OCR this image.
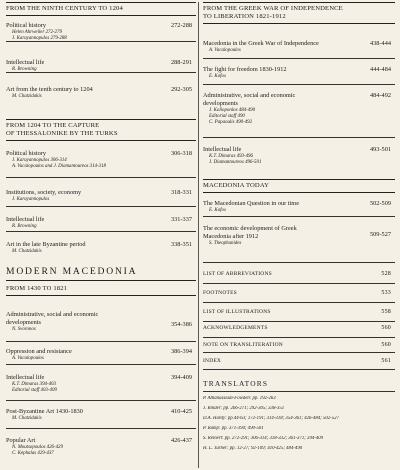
FROM THE NINTH CENTURY TO 1204
Political history	272-288
Helen Ahrweiler 272-279
J. Karayannopulos 279-288
Intellectual life	288-291
R. Browning
Art from the tenth century to 1204	292-305
M. Chatzidakis
FROM 1204 TO THE CAPTURE
OF THESSALONIKE BY THE TURKS
Political history	306-318
J. Karayannopulos 306-314
A. Vacalopoulos and J. Diamantoureos 314-318
Institutions, society, economy	318-331
J. Karayannopulos
Intellectual life	331-337
R. Browning
Art in the late Byzantine period	338-351
M. Chatzidakis
MODERN MACEDONIA
FROM 1430 TO 1821
Administrative, social and economic
developments	354-386
N. Svoronos
Oppression and resistance	386-394
A. Vacalopoulos
Intellectual life	394-409
K.T. Dimaras 394-403
Editorial staff 403-409
Post-Byzantine Art 1430-1830	410-425
M. Chatzidakis
Popular Art	426-437
N. Moutsopoulos 426-429
C. Kephalas 429-437
FROM THE GREEK WAR OF INDEPENDENCE
TO LIBERATION 1821-1912
Macedonia in the Greek War of Independence	438-444
A. Vacalopoulos
The fight for freedom 1830-1912	444-484
E. Kofos
Administrative, social and economic
developments
484-492
J. Kolioponlos 484-490
Editorial staff 490
C. Papaoulis 490-492
Intellectual life	493-501
K.T. Dimaras 493-496
J. Diamantoureos 496-501
MACEDONIA TODAY
The Macedonian Question in our time	502-509
E. Kofos
The economic development of Greek
Macedonia after 1912	509-527
S. Theophanides
LIST OF ABBREVIATIONS	528
FOOTNOTES	533
LIST OF ILLUSTRATIONS	558
ACKNOWLEDGEMENTS	560
NOTE ON TRANSLITERATION	560
INDEX	561
TRANSLATORS
P. Athanassiadi-Fowden: pp. 192-263
J. Binder: pp. 266-271; 292-305; 338-351
D.A. Hardy: pp.44-63; 172-191; 314-318; 354-361; 426-484; 502-527
P. Ramp: pp. 371-394; 490-501
S. Reinert: pp. 272-291; 306-314; 318-332; 361-371; 394-409
H. L. Turner: pp. 12-27; 92-109; 410-425; 484-490
